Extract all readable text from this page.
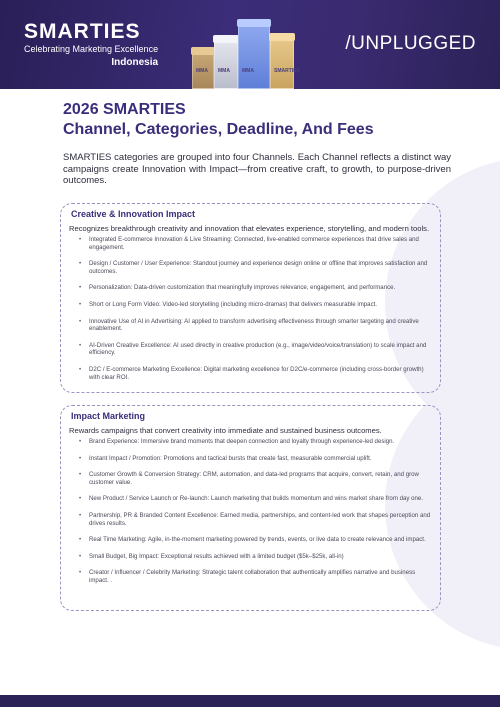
SMARTIES
Celebrating Marketing Excellence
Indonesia
MMA MMA MMA	SMARTIES
/UNPLUGGED
2026 SMARTIES
Channel, Categories, Deadline, And Fees
SMARTIES categories are grouped into four Channels. Each Channel reflects a distinct way campaigns create Innovation with Impact—from creative craft, to growth, to purpose-driven outcomes.
Creative & Innovation Impact
Recognizes breakthrough creativity and innovation that elevates experience, storytelling, and modern tools.
• Integrated E-commerce Innovation & Live Streaming: Connected, live-enabled commerce experiences that drive sales and engagement.
• Design / Customer / User Experience: Standout journey and experience design online or offline that improves satisfaction and outcomes.
• Personalization: Data-driven customization that meaningfully improves relevance, engagement, and performance.
• Short or Long Form Video: Video-led storytelling (including micro-dramas) that delivers measurable impact.
• Innovative Use of AI in Advertising: AI applied to transform advertising effectiveness through smarter targeting and creative enablement.
• AI-Driven Creative Excellence: AI used directly in creative production (e.g., image/video/voice/translation) to scale impact and efficiency.
• D2C / E-commerce Marketing Excellence: Digital marketing excellence for D2C/e-commerce (including cross-border growth) with clear ROI.
Impact Marketing
Rewards campaigns that convert creativity into immediate and sustained business outcomes.
• Brand Experience: Immersive brand moments that deepen connection and loyalty through experience-led design.
• Instant Impact / Promotion: Promotions and tactical bursts that create fast, measurable commercial uplift.
• Customer Growth & Conversion Strategy: CRM, automation, and data-led programs that acquire, convert, retain, and grow customer value.
• New Product / Service Launch or Re-launch: Launch marketing that builds momentum and wins market share from day one.
• Partnership, PR & Branded Content Excellence: Earned media, partnerships, and content-led work that shapes perception and drives results.
• Real Time Marketing: Agile, in-the-moment marketing powered by trends, events, or live data to create relevance and impact.
• Small Budget, Big Impact: Exceptional results achieved with a limited budget ($5k–$25k, all-in)
• Creator / Influencer / Celebrity Marketing: Strategic talent collaboration that authentically amplifies narrative and business impact. .
